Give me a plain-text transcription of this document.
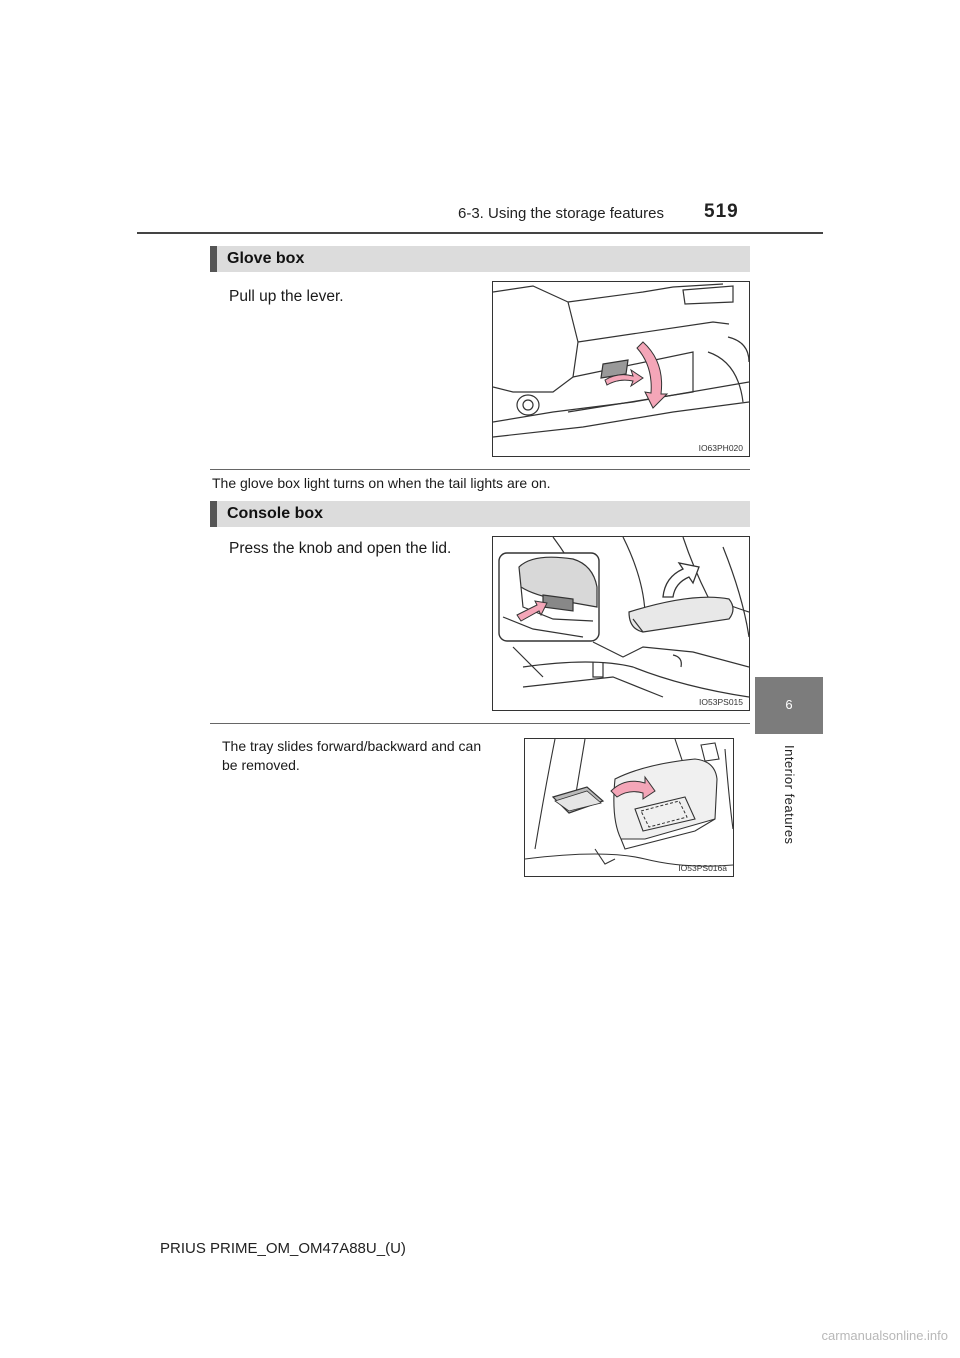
6-3. Using the storage features 519
Glove box
Pull up the lever.
IO63PH020
The glove box light turns on when the tail lights are on.
Console box
Press the knob and open the lid.
IO53PS015
The tray slides forward/backward and can
be removed.
IO53PS016a
6
Interior features
PRIUS PRIME_OM_OM47A88U_(U)
carmanualsonline.info
